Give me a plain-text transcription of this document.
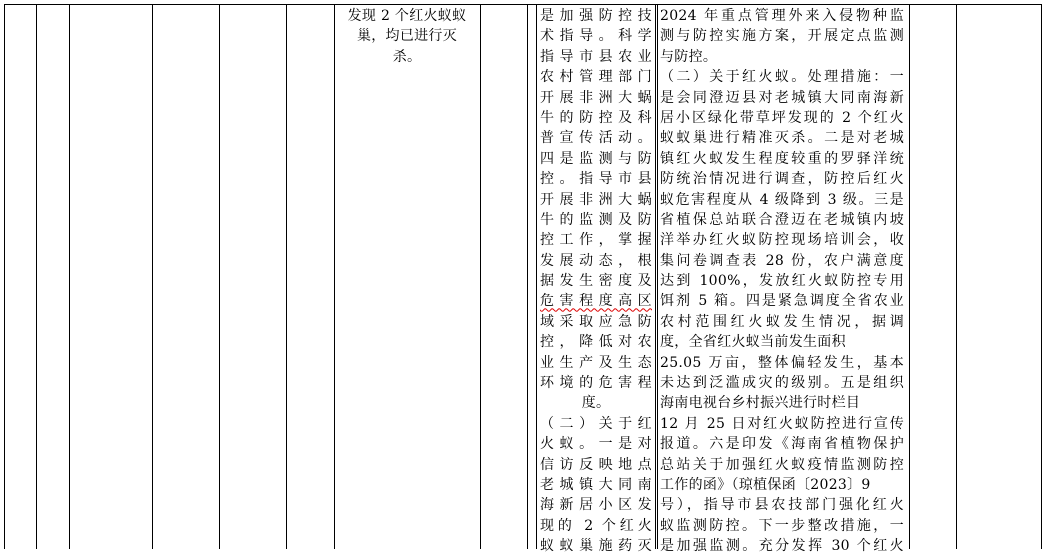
发现 2 个红火蚁蚁
巢，均已进行灭
杀。
是加强防控技
术指导。科学
指导市县农业
农村管理部门
开展非洲大蜗
牛的防控及科
普宣传活动。
四是监测与防
控。指导市县
开展非洲大蜗
牛的监测及防
控工作，掌握
发展动态，根
据发生密度及
危害程度高区
域采取应急防
控，降低对农
业生产及生态
环境的危害程
度。
（二）关于红
火蚁。一是对
信访反映地点
老城镇大同南
海新居小区发
现的 2 个红火
蚁蚁巢施药灭
2024 年重点管理外来入侵物种监
测与防控实施方案，开展定点监测
与防控。
（二）关于红火蚁。处理措施：一
是会同澄迈县对老城镇大同南海新
居小区绿化带草坪发现的 2 个红火
蚁蚁巢进行精准灭杀。二是对老城
镇红火蚁发生程度较重的罗驿洋统
防统治情况进行调查，防控后红火
蚁危害程度从 4 级降到 3 级。三是
省植保总站联合澄迈在老城镇内坡
洋举办红火蚁防控现场培训会，收
集问卷调查表 28 份，农户满意度
达到 100%，发放红火蚁防控专用
饵剂 5 箱。四是紧急调度全省农业
农村范围红火蚁发生情况，据调
度，全省红火蚁当前发生面积
25.05 万亩，整体偏轻发生，基本
未达到泛滥成灾的级别。五是组织
海南电视台乡村振兴进行时栏目
12 月 25 日对红火蚁防控进行宣传
报道。六是印发《海南省植物保护
总站关于加强红火蚁疫情监测防控
工作的函》（琼植保函〔2023〕9
号），指导市县农技部门强化红火
蚁监测防控。下一步整改措施，一
是加强监测。充分发挥 30 个红火
